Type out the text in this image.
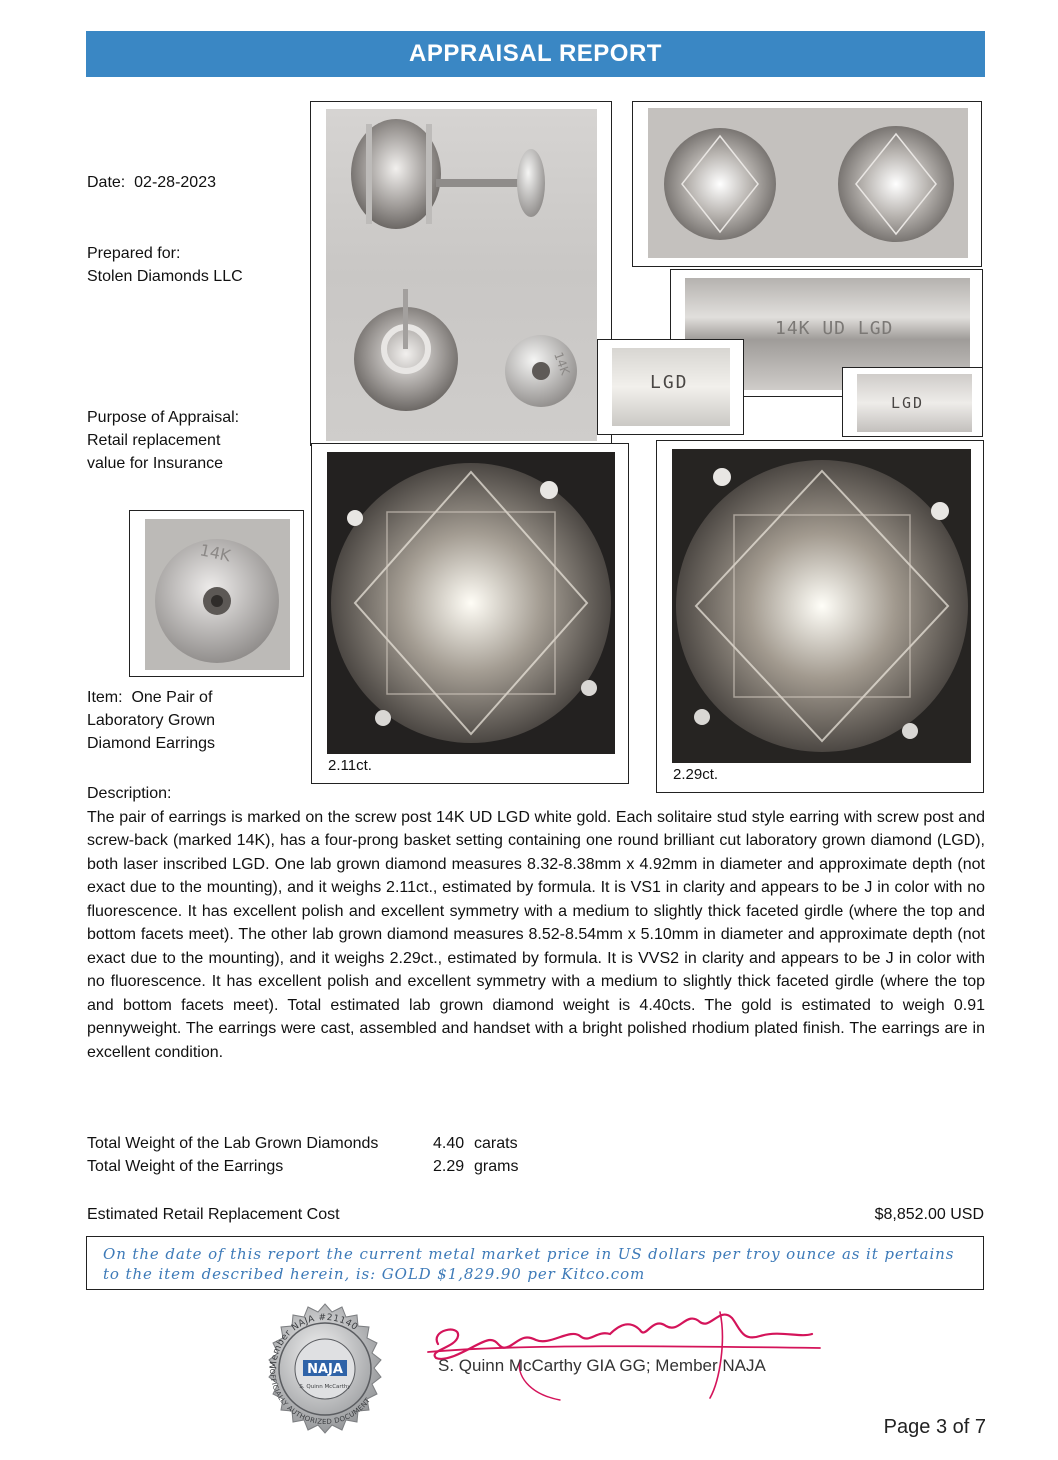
APPRAISAL REPORT
Date: 02-28-2023
Prepared for:
Stolen Diamonds LLC
Purpose of Appraisal:
Retail replacement
value for Insurance
Item: One Pair of
Laboratory Grown
Diamond Earrings
14K
14K UD LGD
LGD
LGD
14K
2.11ct.
2.29ct.
Description:
The pair of earrings is marked on the screw post 14K UD LGD white gold. Each solitaire stud style earring with screw post and screw-back (marked 14K), has a four-prong basket setting containing one round brilliant cut laboratory grown diamond (LGD), both laser inscribed LGD. One lab grown diamond measures 8.32-8.38mm x 4.92mm in diameter and approximate depth (not exact due to the mounting), and it weighs 2.11ct., estimated by formula. It is VS1 in clarity and appears to be J in color with no fluorescence. It has excellent polish and excellent symmetry with a medium to slightly thick faceted girdle (where the top and bottom facets meet). The other lab grown diamond measures 8.52-8.54mm x 5.10mm in diameter and approximate depth (not exact due to the mounting), and it weighs 2.29ct., estimated by formula. It is VVS2 in clarity and appears to be J in color with no fluorescence. It has excellent polish and excellent symmetry with a medium to slightly thick faceted girdle (where the top and bottom facets meet). Total estimated lab grown diamond weight is 4.40cts. The gold is estimated to weigh 0.91 pennyweight. The earrings were cast, assembled and handset with a bright polished rhodium plated finish. The earrings are in excellent condition.
Total Weight of the Lab Grown Diamonds	4.40 carats
Total Weight of the Earrings	2.29 grams
Estimated Retail Replacement Cost	$8,852.00 USD
On the date of this report the current metal market price in US dollars per troy ounce as it pertains
to the item described herein, is: GOLD $1,829.90 per Kitco.com
Member NAJA #21140
OFFICIALLY AUTHORIZED DOCUMENT
NAJA
S. Quinn McCarthy
S. Quinn McCarthy GIA GG; Member NAJA
Page 3 of 7
